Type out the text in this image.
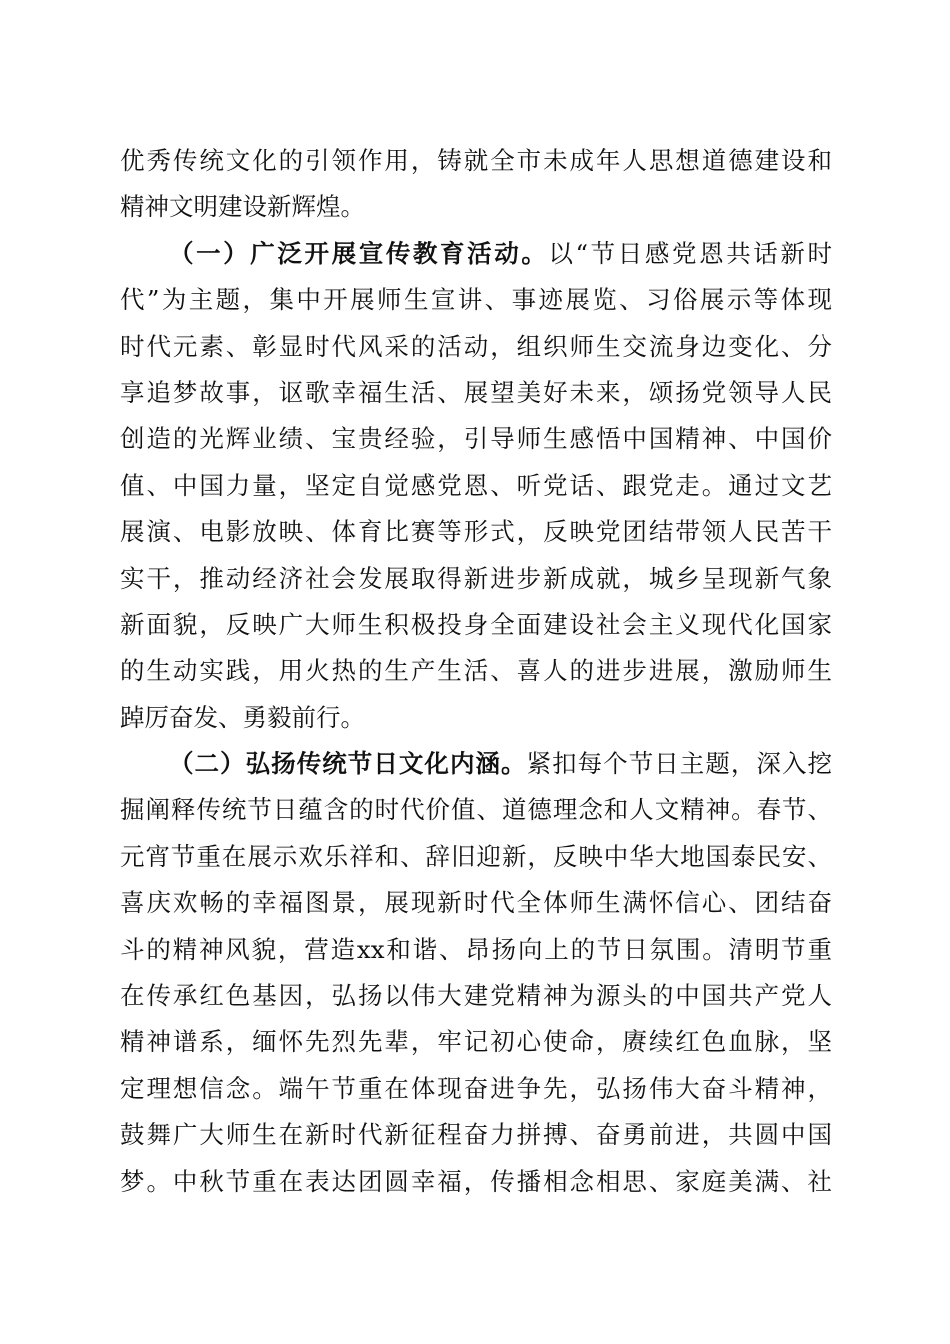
优秀传统文化的引领作用，铸就全市未成年人思想道德建设和
精神文明建设新辉煌。
（一）广泛开展宣传教育活动。以“节日感党恩共话新时
代”为主题，集中开展师生宣讲、事迹展览、习俗展示等体现
时代元素、彰显时代风采的活动，组织师生交流身边变化、分
享追梦故事，讴歌幸福生活、展望美好未来，颂扬党领导人民
创造的光辉业绩、宝贵经验，引导师生感悟中国精神、中国价
值、中国力量，坚定自觉感党恩、听党话、跟党走。通过文艺
展演、电影放映、体育比赛等形式，反映党团结带领人民苦干
实干，推动经济社会发展取得新进步新成就，城乡呈现新气象
新面貌，反映广大师生积极投身全面建设社会主义现代化国家
的生动实践，用火热的生产生活、喜人的进步进展，激励师生
踔厉奋发、勇毅前行。
（二）弘扬传统节日文化内涵。紧扣每个节日主题，深入挖
掘阐释传统节日蕴含的时代价值、道德理念和人文精神。春节、
元宵节重在展示欢乐祥和、辞旧迎新，反映中华大地国泰民安、
喜庆欢畅的幸福图景，展现新时代全体师生满怀信心、团结奋
斗的精神风貌，营造xx和谐、昂扬向上的节日氛围。清明节重
在传承红色基因，弘扬以伟大建党精神为源头的中国共产党人
精神谱系，缅怀先烈先辈，牢记初心使命，赓续红色血脉，坚
定理想信念。端午节重在体现奋进争先，弘扬伟大奋斗精神，
鼓舞广大师生在新时代新征程奋力拼搏、奋勇前进，共圆中国
梦。中秋节重在表达团圆幸福，传播相念相思、家庭美满、社
